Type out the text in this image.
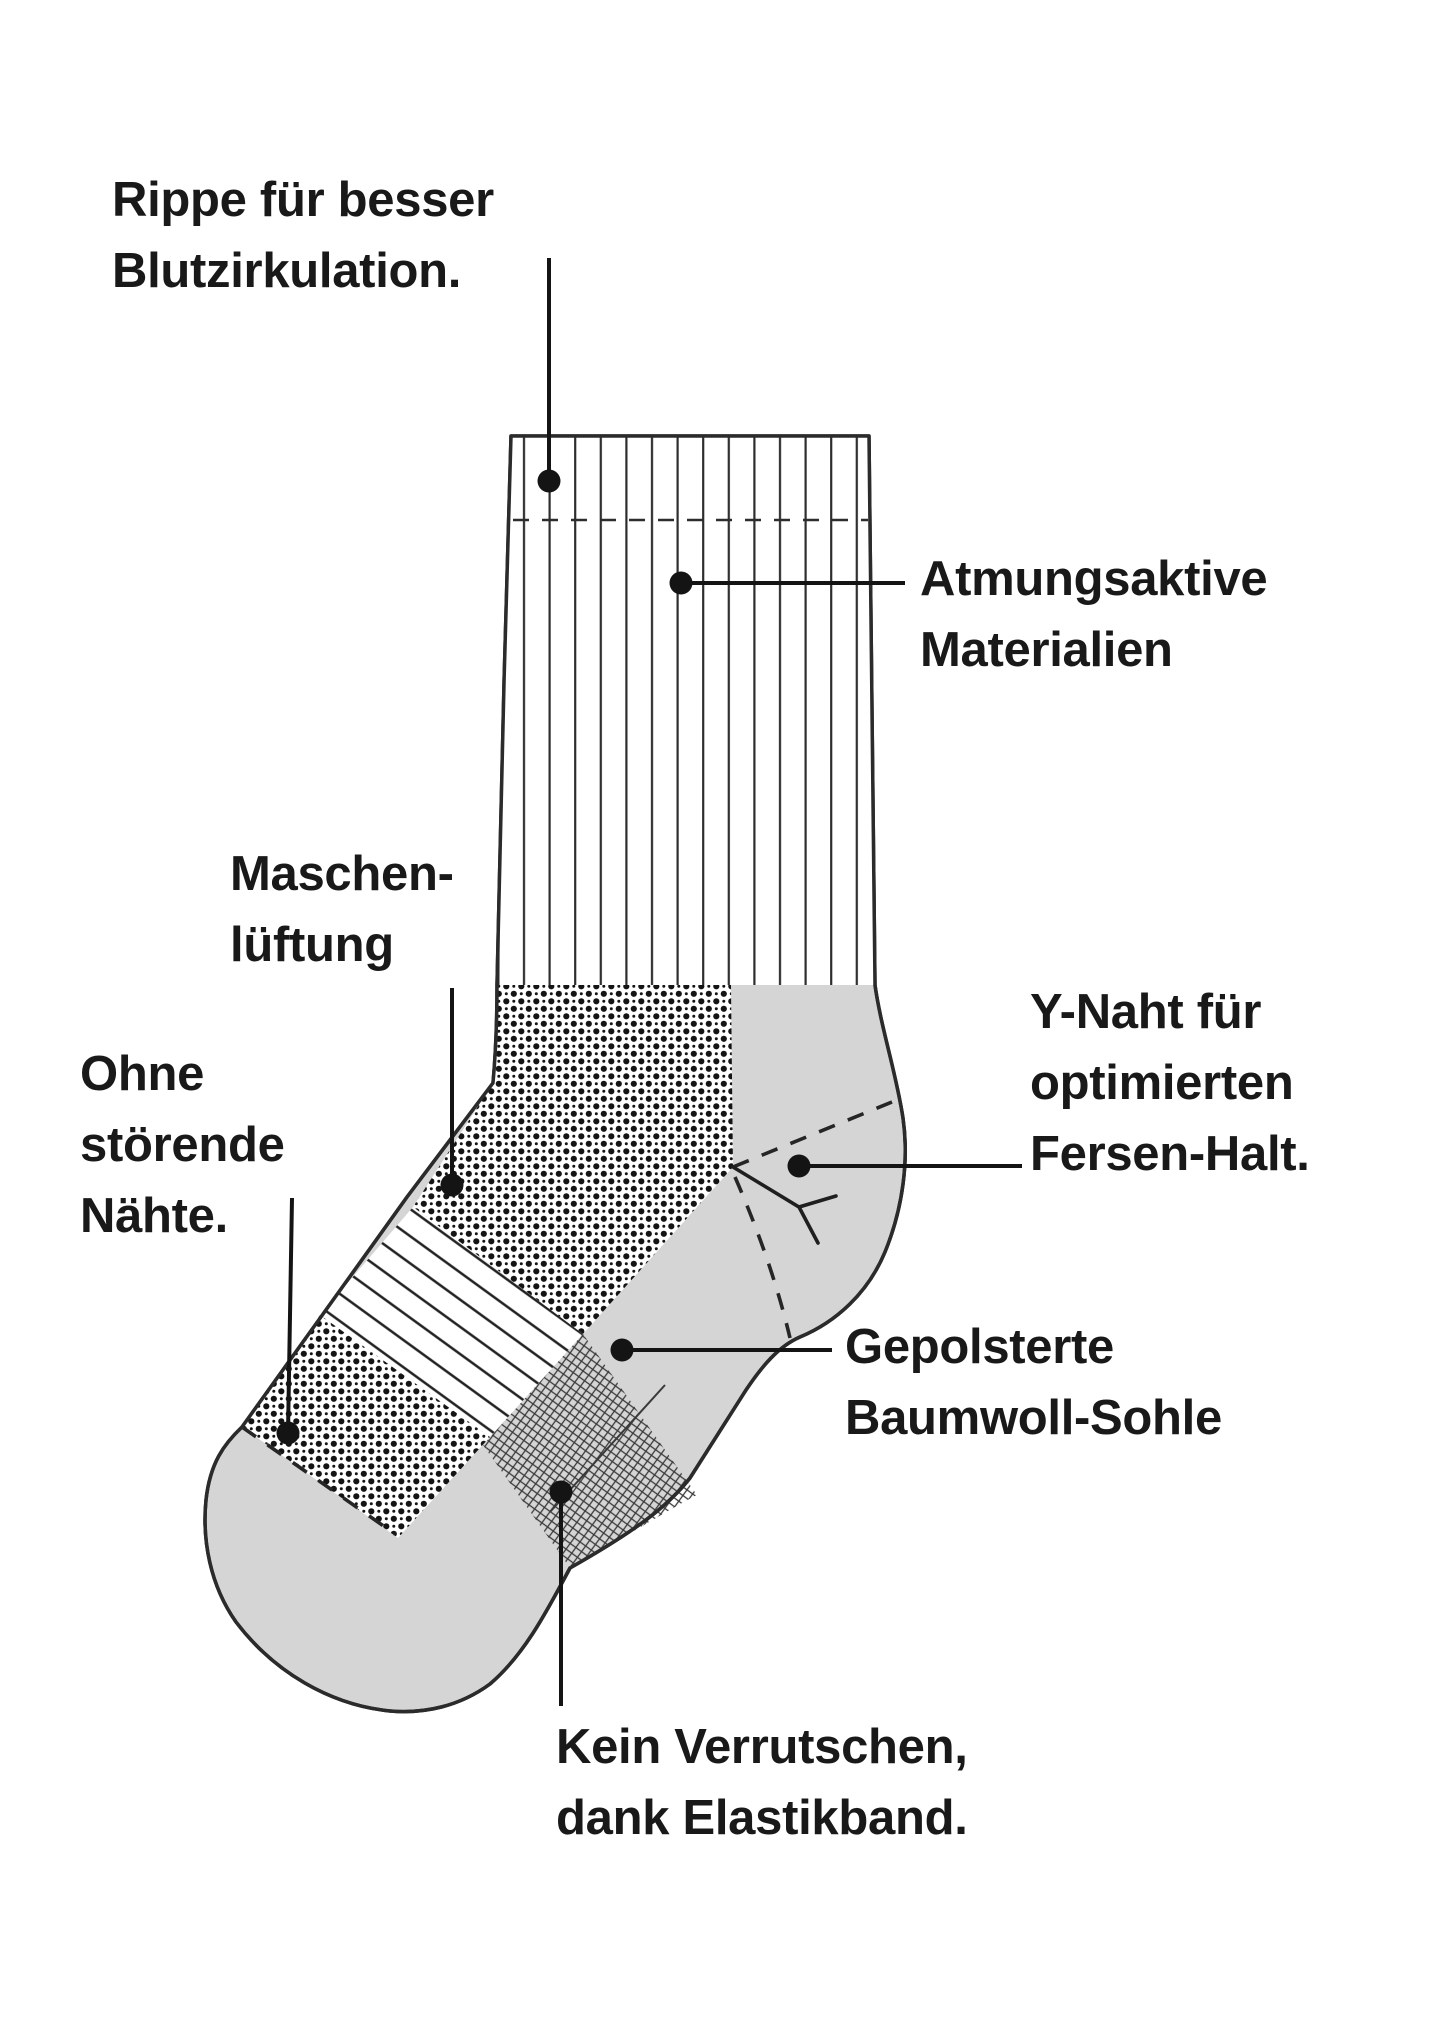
Rippe für besser
Blutzirkulation.
Atmungsaktive
Materialien
Maschen-
lüftung
Ohne
störende
Nähte.
Y-Naht für
optimierten
Fersen-Halt.
Gepolsterte
Baumwoll-Sohle
Kein Verrutschen,
dank Elastikband.
